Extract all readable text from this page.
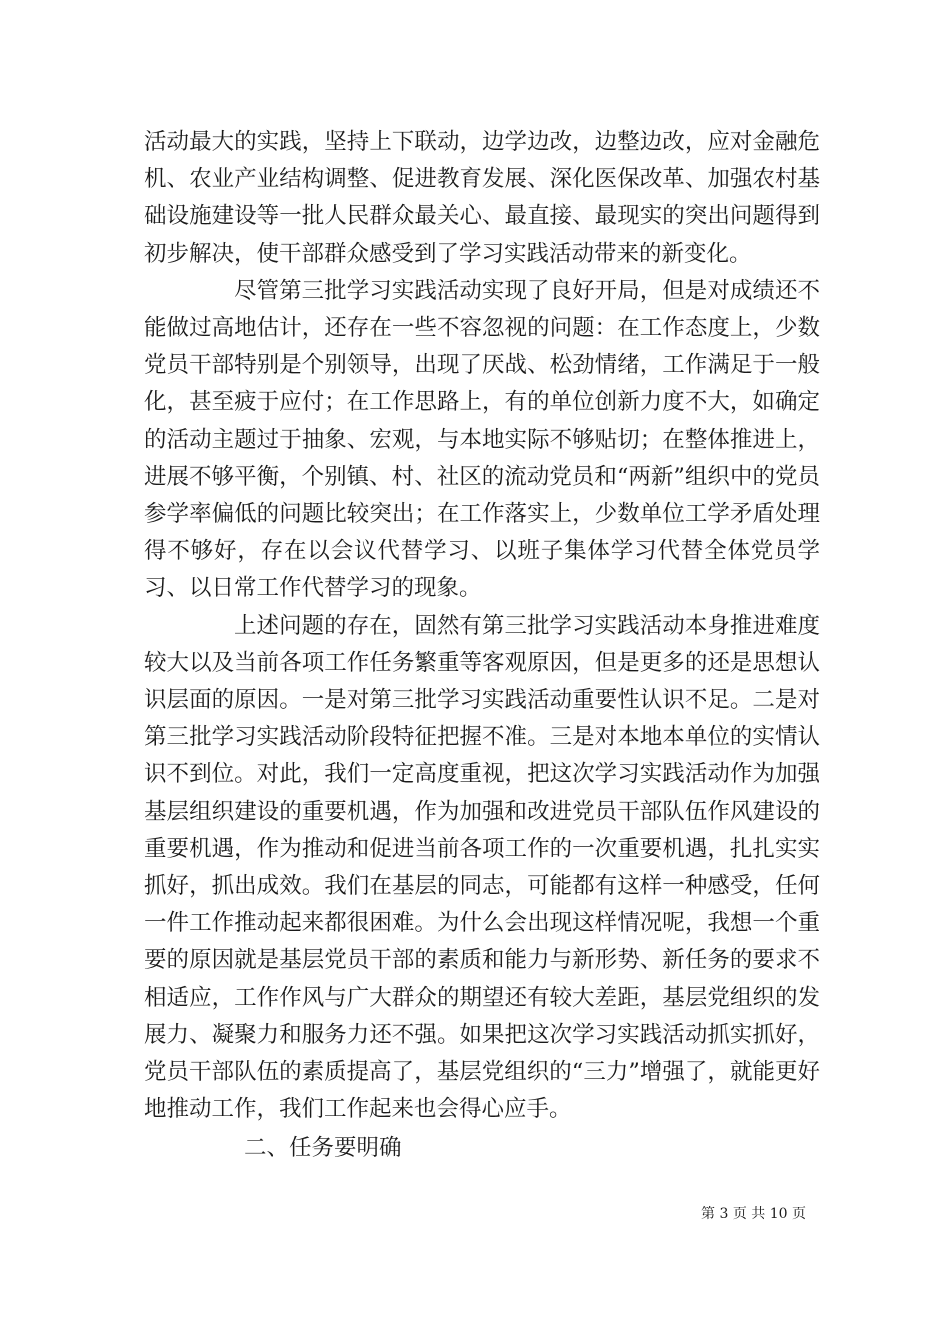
活动最大的实践，坚持上下联动，边学边改，边整边改，应对金融危机、农业产业结构调整、促进教育发展、深化医保改革、加强农村基础设施建设等一批人民群众最关心、最直接、最现实的突出问题得到初步解决，使干部群众感受到了学习实践活动带来的新变化。

尽管第三批学习实践活动实现了良好开局，但是对成绩还不能做过高地估计，还存在一些不容忽视的问题：在工作态度上，少数党员干部特别是个别领导，出现了厌战、松劲情绪，工作满足于一般化，甚至疲于应付；在工作思路上，有的单位创新力度不大，如确定的活动主题过于抽象、宏观，与本地实际不够贴切；在整体推进上，进展不够平衡，个别镇、村、社区的流动党员和“两新”组织中的党员参学率偏低的问题比较突出；在工作落实上，少数单位工学矛盾处理得不够好，存在以会议代替学习、以班子集体学习代替全体党员学习、以日常工作代替学习的现象。

上述问题的存在，固然有第三批学习实践活动本身推进难度较大以及当前各项工作任务繁重等客观原因，但是更多的还是思想认识层面的原因。一是对第三批学习实践活动重要性认识不足。二是对第三批学习实践活动阶段特征把握不准。三是对本地本单位的实情认识不到位。对此，我们一定高度重视，把这次学习实践活动作为加强基层组织建设的重要机遇，作为加强和改进党员干部队伍作风建设的重要机遇，作为推动和促进当前各项工作的一次重要机遇，扎扎实实抓好，抓出成效。我们在基层的同志，可能都有这样一种感受，任何一件工作推动起来都很困难。为什么会出现这样情况呢，我想一个重要的原因就是基层党员干部的素质和能力与新形势、新任务的要求不相适应，工作作风与广大群众的期望还有较大差距，基层党组织的发展力、凝聚力和服务力还不强。如果把这次学习实践活动抓实抓好，党员干部队伍的素质提高了，基层党组织的“三力”增强了，就能更好地推动工作，我们工作起来也会得心应手。

二、任务要明确

第 3 页 共 10 页
